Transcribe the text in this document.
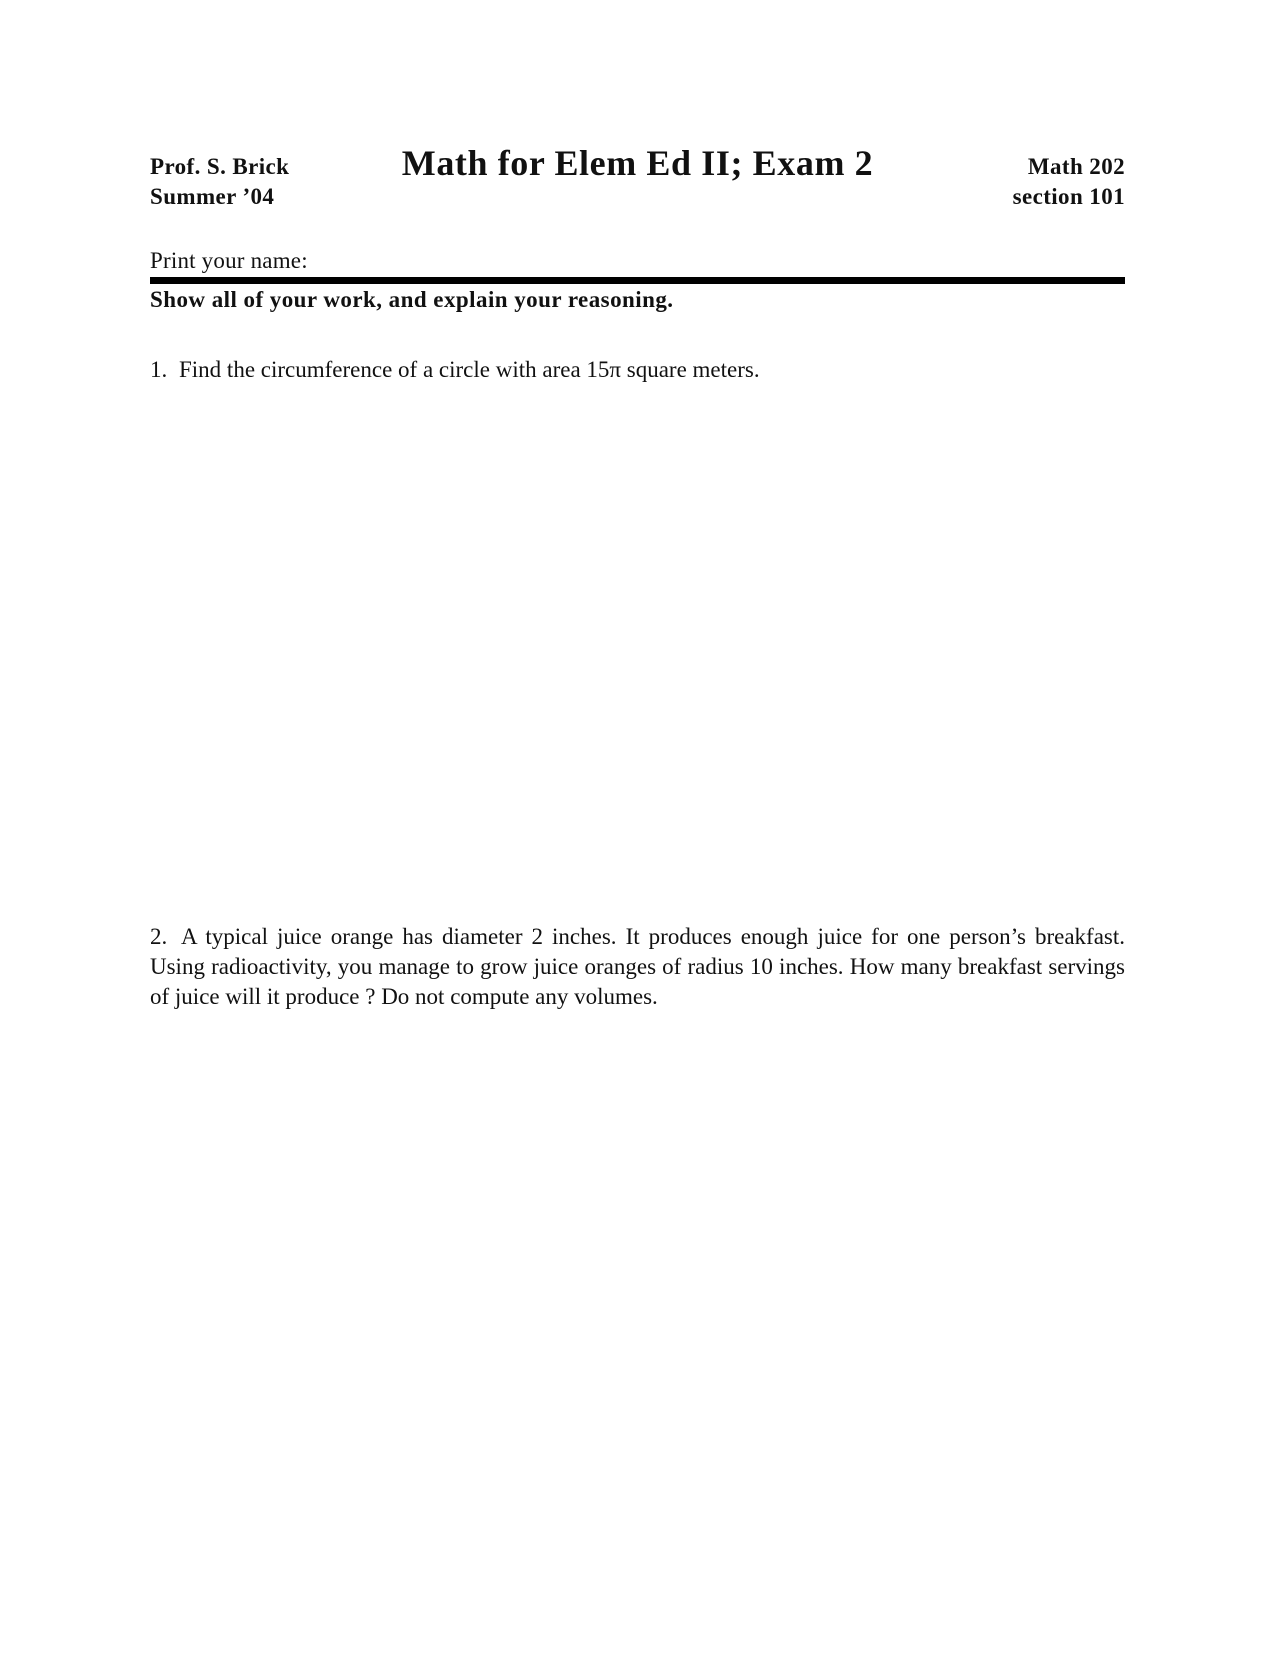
Prof. S. Brick
Summer ’04
Math for Elem Ed II; Exam 2	Math 202
section 101
Print your name:
Show all of your work, and explain your reasoning.
1. Find the circumference of a circle with area 15π square meters.
2. A typical juice orange has diameter 2 inches. It produces enough juice for one person’s breakfast. Using radioactivity, you manage to grow juice oranges of radius 10 inches. How many breakfast servings of juice will it produce ? Do not compute any volumes.
